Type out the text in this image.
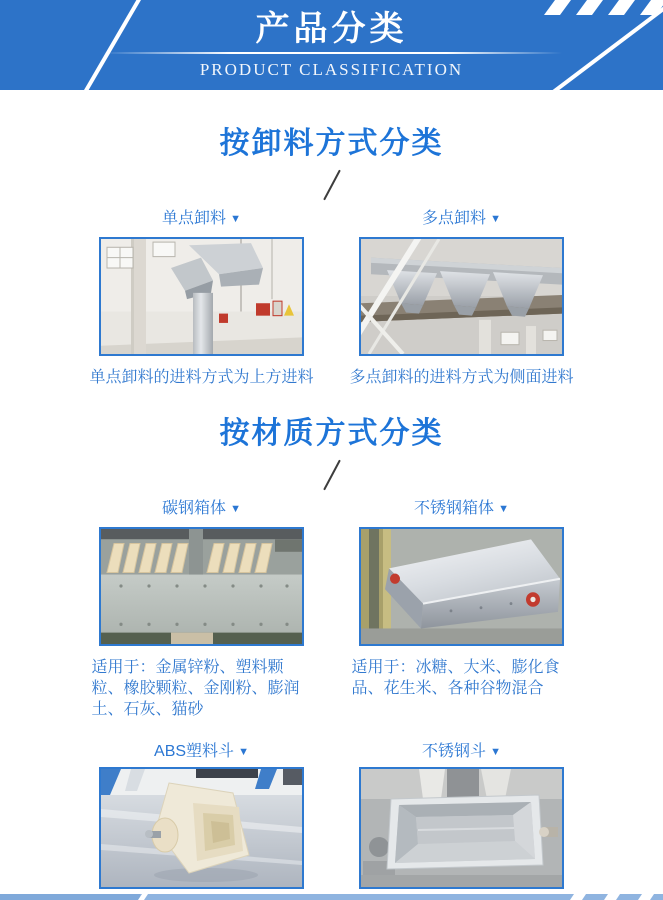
产品分类
PRODUCT CLASSIFICATION
按卸料方式分类
单点卸料 ▼
单点卸料的进料方式为上方进料
多点卸料 ▼
多点卸料的进料方式为侧面进料
按材质方式分类
碳钢箱体 ▼
适用于：金属锌粉、塑料颗粒、橡胶颗粒、金刚粉、膨润土、石灰、猫砂
不锈钢箱体 ▼
适用于：冰糖、大米、膨化食品、花生米、各种谷物混合
ABS塑料斗 ▼	不锈钢斗 ▼
